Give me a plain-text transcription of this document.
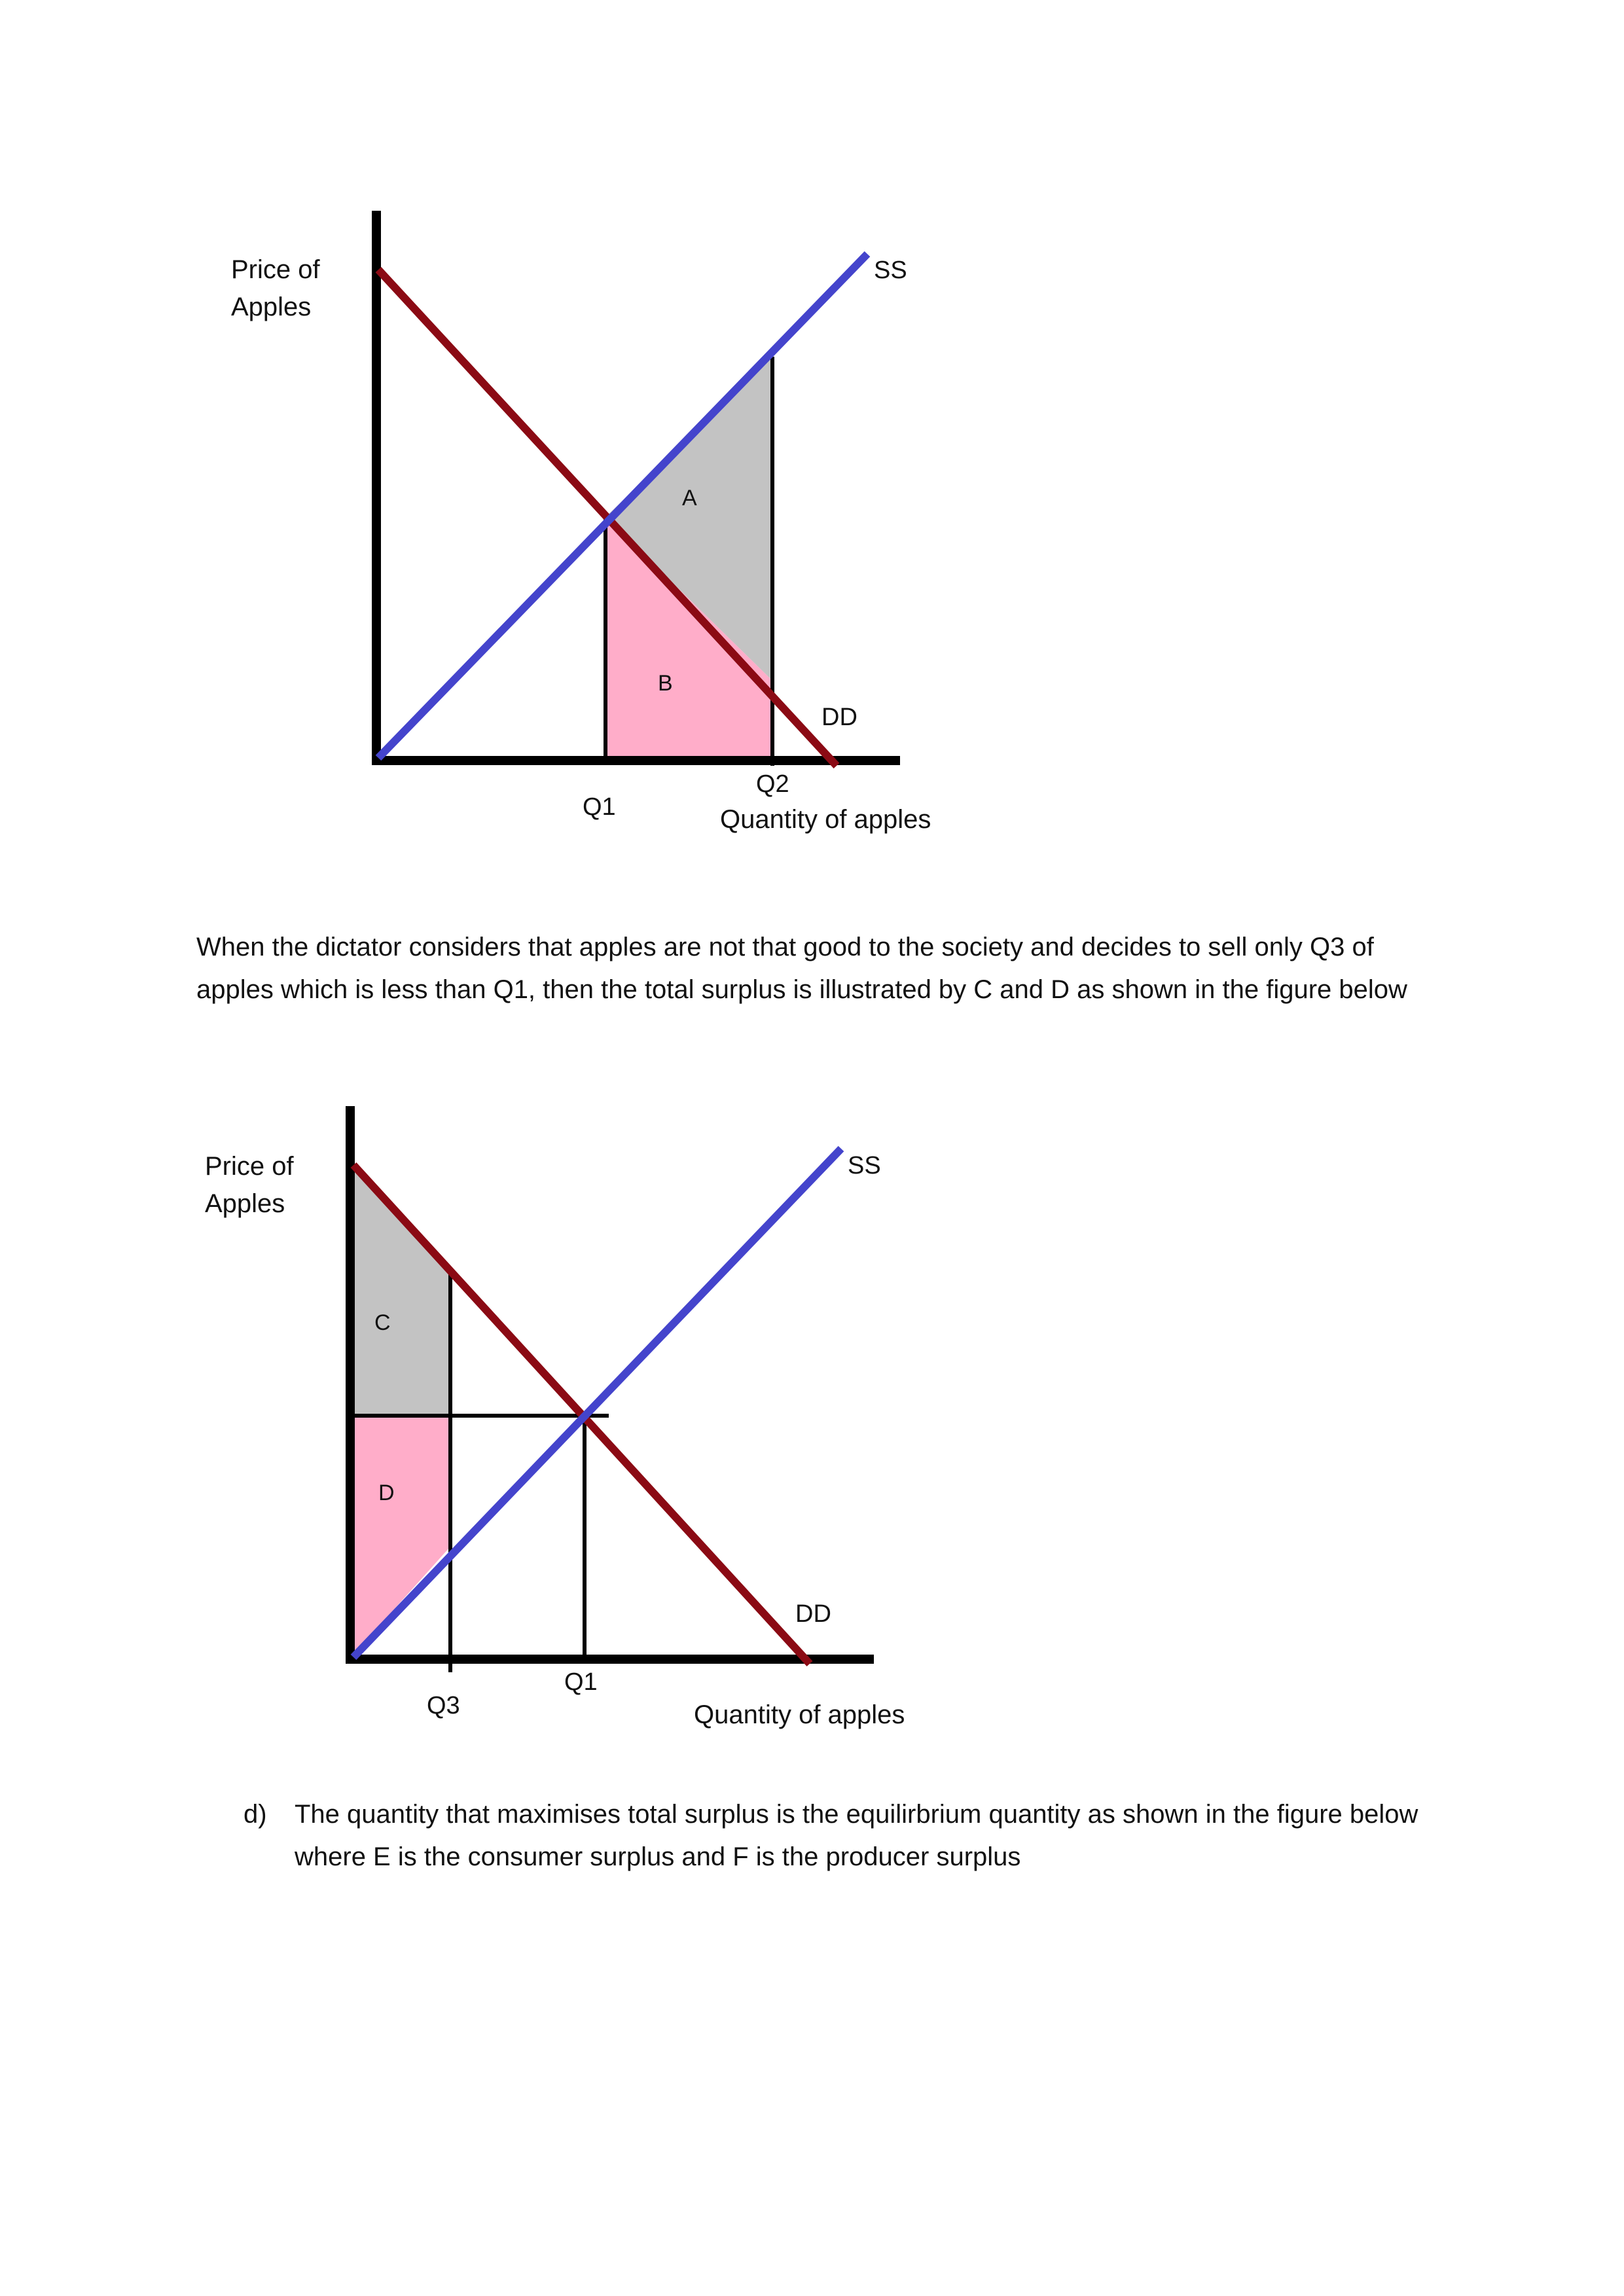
Price of
Apples
SS
DD
A
B
Q1
Q2
Quantity of apples
When the dictator considers that apples are not that good to the society and decides to sell only Q3 of apples which is less than Q1, then the total surplus is illustrated by C and D as shown in the figure below
Price of
Apples
SS
DD
C
D
Q3
Q1
Quantity of apples
d) The quantity that maximises total surplus is the equilirbrium quantity as shown in the figure below where E is the consumer surplus and F is the producer surplus
